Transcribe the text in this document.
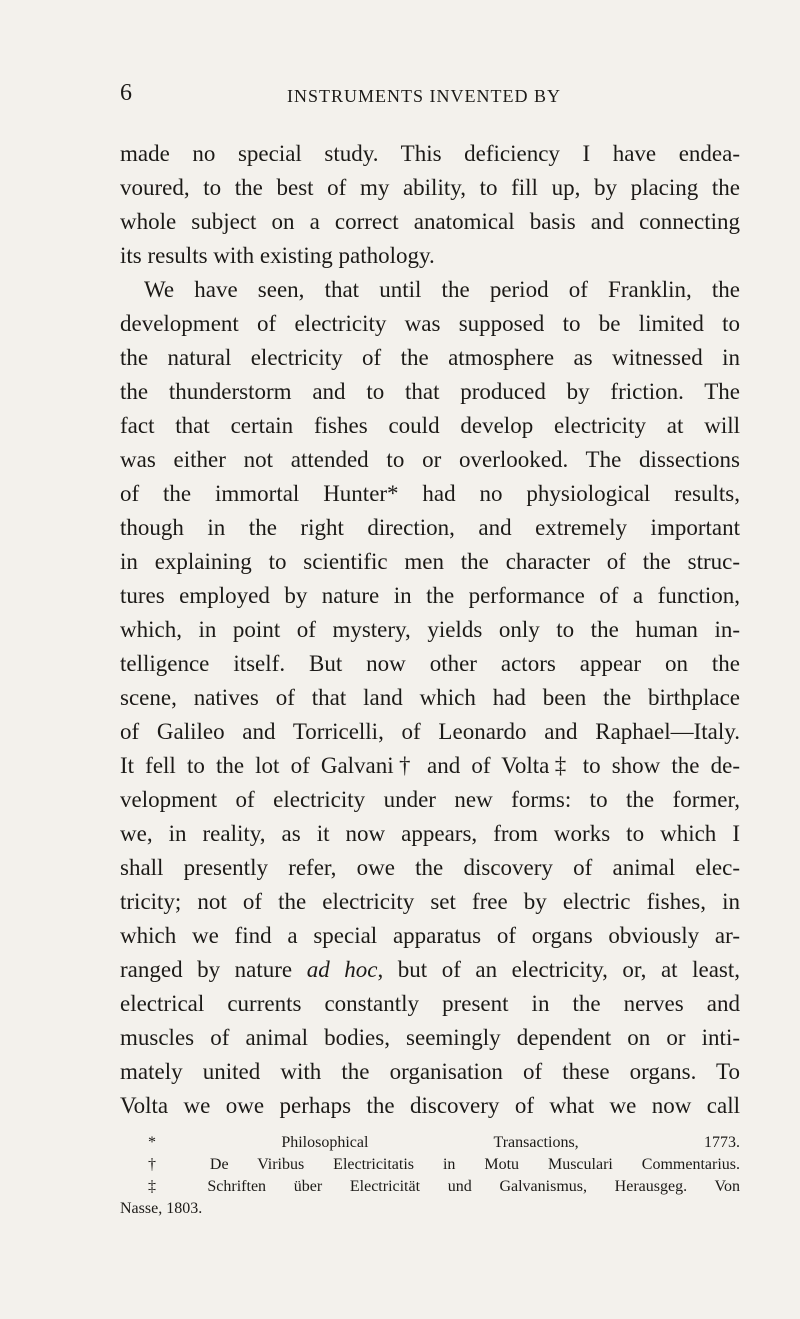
6	INSTRUMENTS INVENTED BY

made no special study. This deficiency I have endea-

voured, to the best of my ability, to fill up, by placing the

whole subject on a correct anatomical basis and connecting

its results with existing pathology.

We have seen, that until the period of Franklin, the

development of electricity was supposed to be limited to

the natural electricity of the atmosphere as witnessed in

the thunderstorm and to that produced by friction. The

fact that certain fishes could develop electricity at will

was either not attended to or overlooked. The dissections

of the immortal Hunter* had no physiological results,

though in the right direction, and extremely important

in explaining to scientific men the character of the struc-

tures employed by nature in the performance of a function,

which, in point of mystery, yields only to the human in-

telligence itself. But now other actors appear on the

scene, natives of that land which had been the birthplace

of Galileo and Torricelli, of Leonardo and Raphael—Italy.

It fell to the lot of Galvani† and of Volta‡ to show the de-

velopment of electricity under new forms: to the former,

we, in reality, as it now appears, from works to which I

shall presently refer, owe the discovery of animal elec-

tricity; not of the electricity set free by electric fishes, in

which we find a special apparatus of organs obviously ar-

ranged by nature ad hoc, but of an electricity, or, at least,

electrical currents constantly present in the nerves and

muscles of animal bodies, seemingly dependent on or inti-

mately united with the organisation of these organs. To

Volta we owe perhaps the discovery of what we now call

* Philosophical Transactions, 1773.

† De Viribus Electricitatis in Motu Musculari Commentarius.

‡ Schriften über Electricität und Galvanismus, Herausgeg. Von

Nasse, 1803.
